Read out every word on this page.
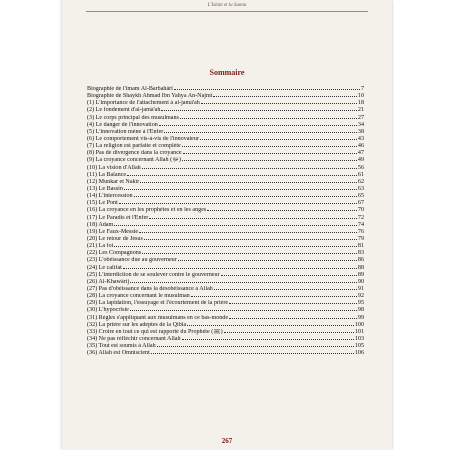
L'Islam et la Sunna
Sommaire
Biographie de l'imam Al-Barbahârî	7
Biographie de Shaykh Ahmad Ibn Yahya An-Najmî	10
(1) L'importance de l'attachement à al-jamâ'ah	18
(2) Le fondement d'al-jamâ'ah	21
(3) Le corps principal des musulmans	27
(4) Le danger de l'innovation	34
(5) L'innovation mène à l'Enfer	38
(6) Le comportement vis-à-vis de l'innovateur	43
(7) La religion est parfaite et complète	46
(8) Pas de divergence dans la croyance	47
(9) La croyance concernant Allah (ﷻ)	49
(10) La vision d'Allah	56
(11) La Balance	61
(12) Munkar et Nakîr	62
(13) Le Bassin	63
(14) L'intercession	65
(15) Le Pont	67
(16) La croyance en les prophètes et en les anges	70
(17) Le Paradis et l'Enfer	72
(18) Adam	74
(19) Le Faux-Messie	76
(20) Le retour de Jésus	79
(21) La foi	81
(22) Les Compagnons	83
(23) L'obéissance due au gouverneur	86
(24) Le califat	88
(25) L'interdiction de se soulever contre le gouverneur	89
(26) Al-Khawârij	90
(27) Pas d'obéissance dans la désobéissance à Allah	91
(28) La croyance concernant le musulman	92
(29) La lapidation, l'essuyage et l'écourtement de la prière	95
(30) L'hypocrisie	98
(31) Règles s'appliquant aux musulmans en ce bas-monde	99
(32) La prière sur les adeptes de la Qibla	100
(33) Croire en tout ce qui est rapporté du Prophète (ﷺ)	101
(34) Ne pas réfléchir concernant Allah	103
(35) Tout est soumis à Allah	105
(36) Allah est Omniscient	106
267
